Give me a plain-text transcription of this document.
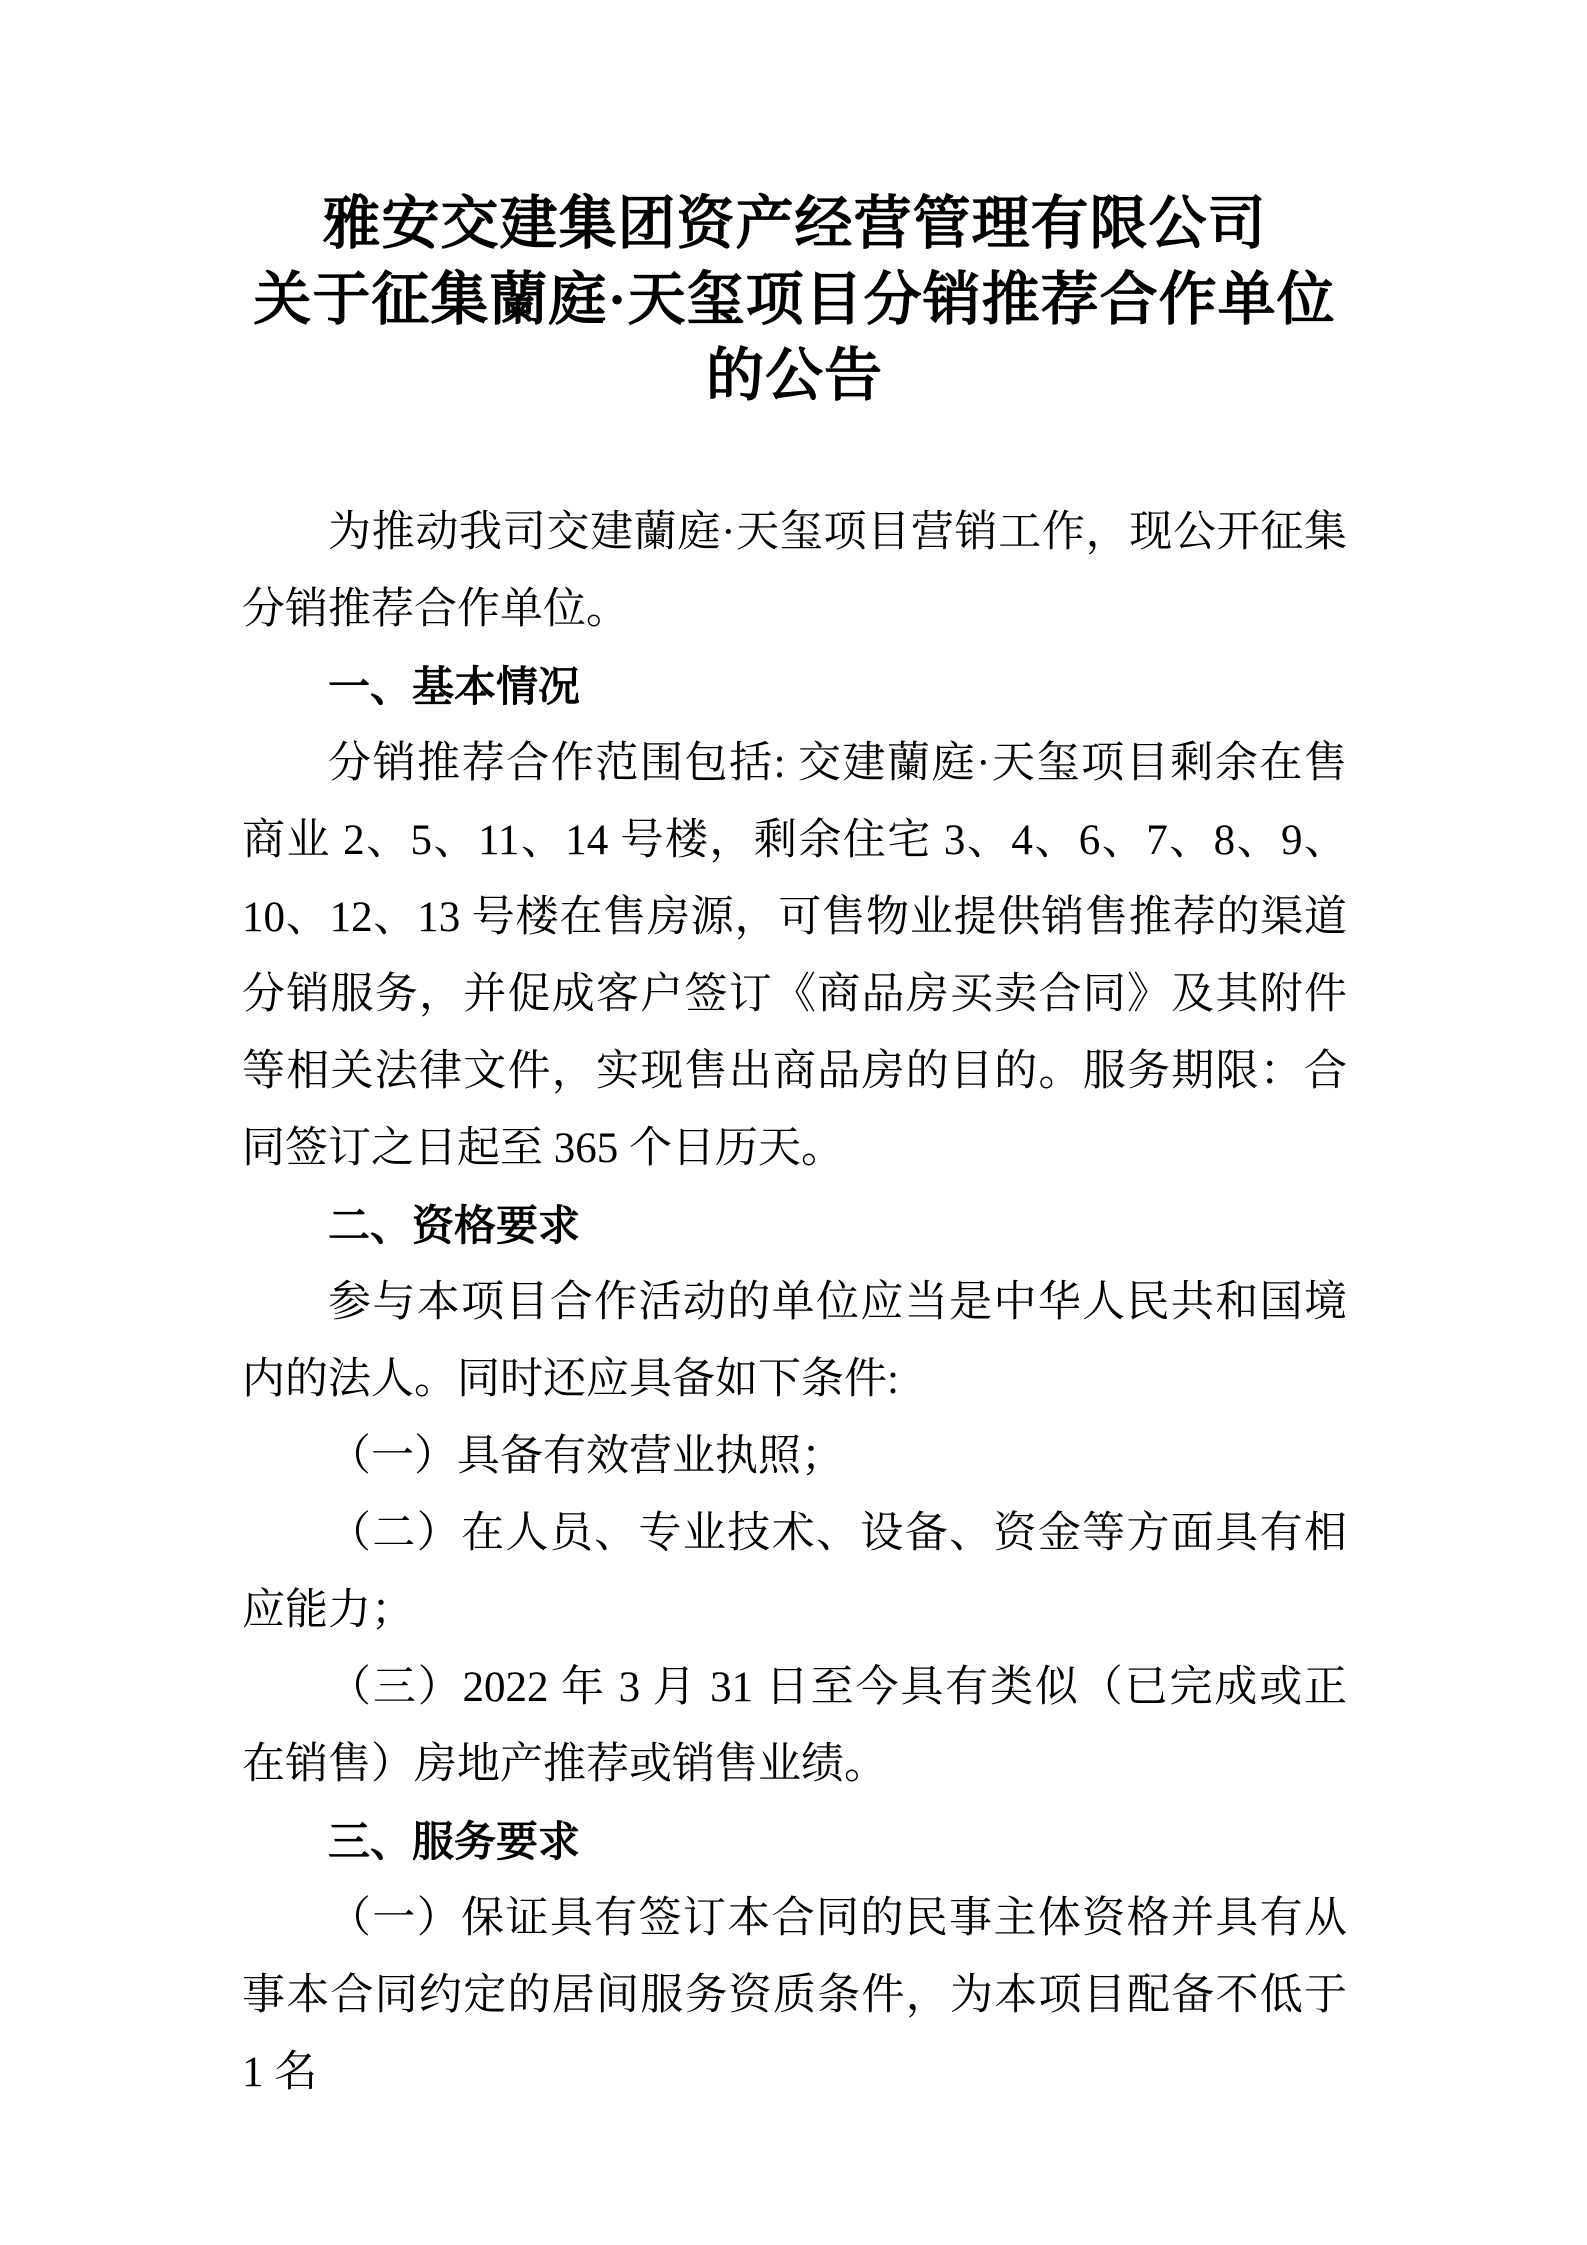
雅安交建集团资产经营管理有限公司
关于征集蘭庭·天玺项目分销推荐合作单位
的公告

为推动我司交建蘭庭·天玺项目营销工作，现公开征集分销推荐合作单位。

一、基本情况

分销推荐合作范围包括: 交建蘭庭·天玺项目剩余在售商业 2、5、11、14 号楼，剩余住宅 3、4、6、7、8、9、10、12、13 号楼在售房源，可售物业提供销售推荐的渠道分销服务，并促成客户签订《商品房买卖合同》及其附件等相关法律文件，实现售出商品房的目的。服务期限：合同签订之日起至 365 个日历天。

二、资格要求

参与本项目合作活动的单位应当是中华人民共和国境内的法人。同时还应具备如下条件:

（一）具备有效营业执照；

（二）在人员、专业技术、设备、资金等方面具有相应能力；

（三）2022 年 3 月 31 日至今具有类似（已完成或正在销售）房地产推荐或销售业绩。

三、服务要求

（一）保证具有签订本合同的民事主体资格并具有从事本合同约定的居间服务资质条件，为本项目配备不低于 1 名
